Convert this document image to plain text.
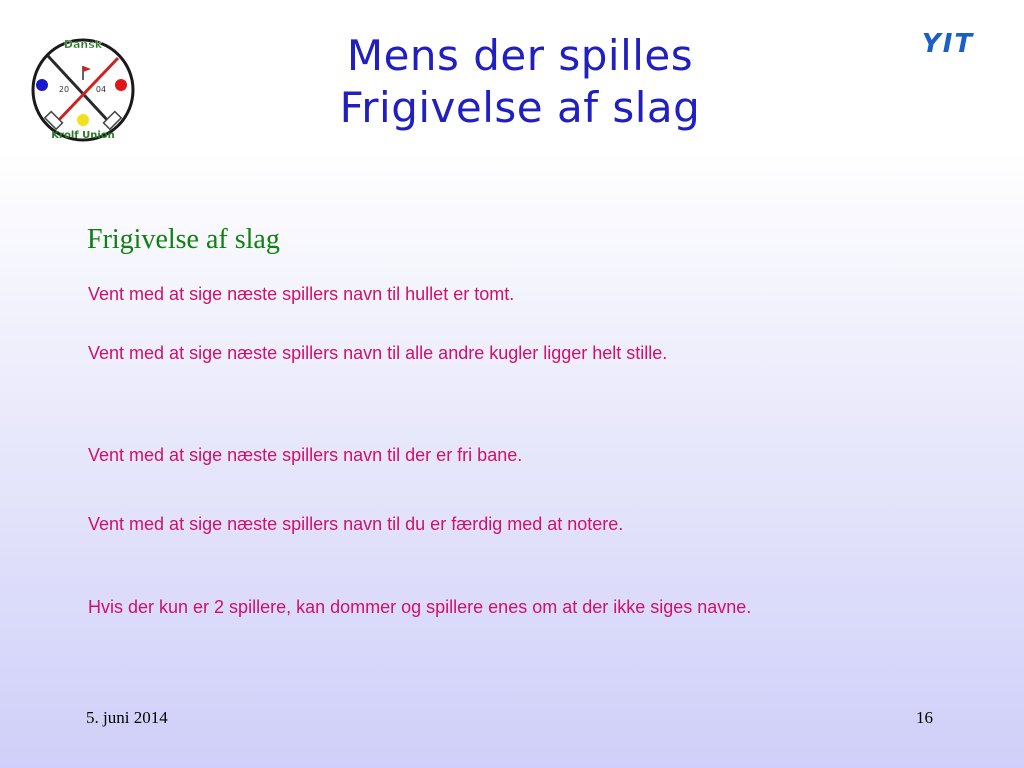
Dansk
20	04
Krolf Union
YIT
Mens der spilles
Frigivelse af slag
Frigivelse af slag
Vent med at sige næste spillers navn til hullet er tomt.
Vent med at sige næste spillers navn til alle andre kugler ligger helt stille.
Vent med at sige næste spillers navn til der er fri bane.
Vent med at sige næste spillers navn til du er færdig med at notere.
Hvis der kun er 2 spillere, kan dommer og spillere enes om at der ikke siges navne.
5. juni 2014	16
